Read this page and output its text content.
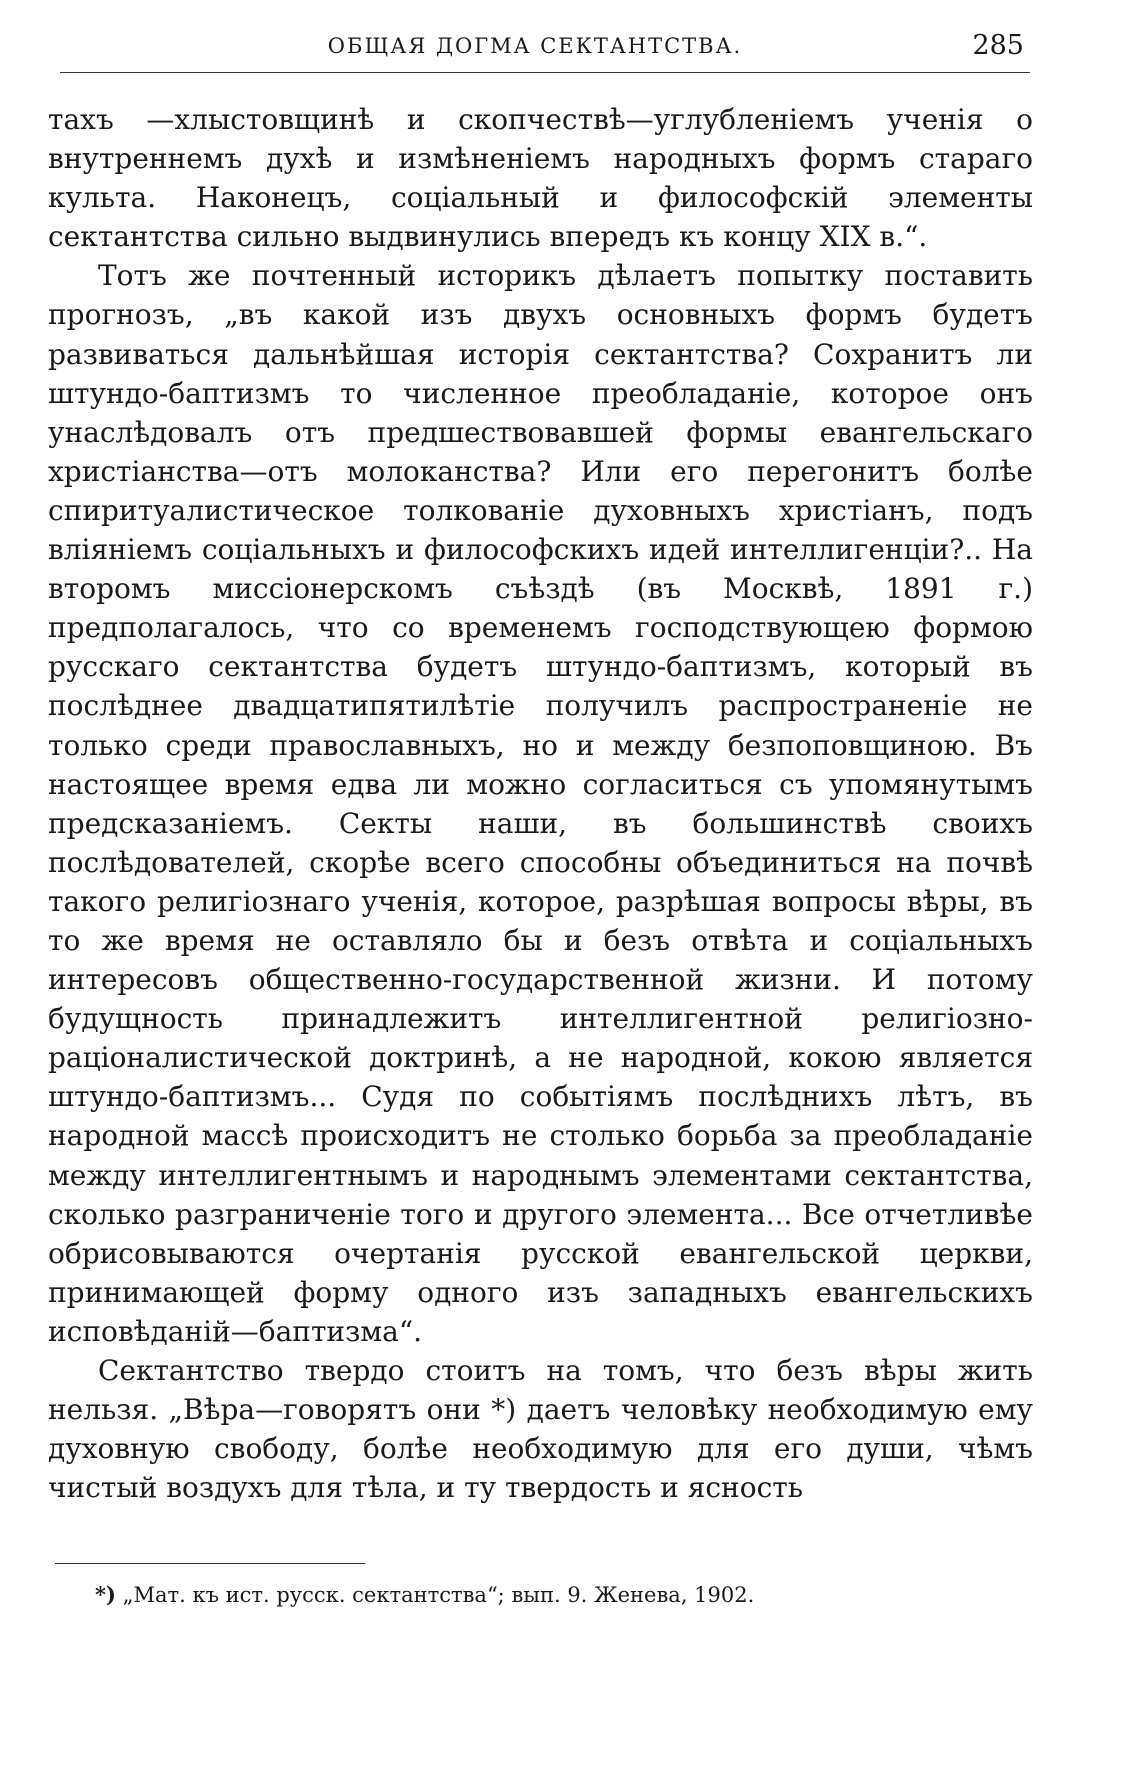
ОБЩАЯ ДОГМА СЕКТАНТСТВА.	285

тахъ —хлыстовщинѣ и скопчествѣ—углубленіемъ ученія о внутреннемъ духѣ и измѣненіемъ народныхъ формъ стараго культа. Наконецъ, соціальный и философскій элементы сектантства сильно выдвинулись впередъ къ концу XIX в.“.

Тотъ же почтенный историкъ дѣлаетъ попытку поставить прогнозъ, „въ какой изъ двухъ основныхъ формъ будетъ развиваться дальнѣйшая исторія сектантства? Сохранитъ ли штундо-баптизмъ то численное преобладаніе, которое онъ унаслѣдовалъ отъ предшествовавшей формы евангельскаго христіанства—отъ молоканства? Или его перегонитъ болѣе спиритуалистическое толкованіе духовныхъ христіанъ, подъ вліяніемъ соціальныхъ и философскихъ идей интеллигенціи?.. На второмъ миссіонерскомъ съѣздѣ (въ Москвѣ, 1891 г.) предполагалось, что со временемъ господствующею формою русскаго сектантства будетъ штундо-баптизмъ, который въ послѣднее двадцатипятилѣтіе получилъ распространеніе не только среди православныхъ, но и между безпоповщиною. Въ настоящее время едва ли можно согласиться съ упомянутымъ предсказаніемъ. Секты наши, въ большинствѣ своихъ послѣдователей, скорѣе всего способны объединиться на почвѣ такого религіознаго ученія, которое, разрѣшая вопросы вѣры, въ то же время не оставляло бы и безъ отвѣта и соціальныхъ интересовъ общественно-государственной жизни. И потому будущность принадлежитъ интеллигентной религіозно-раціоналистической доктринѣ, а не народной, кокою является штундо-баптизмъ... Судя по событіямъ послѣднихъ лѣтъ, въ народной массѣ происходитъ не столько борьба за преобладаніе между интеллигентнымъ и народнымъ элементами сектантства, сколько разграниченіе того и другого элемента... Все отчетливѣе обрисовываются очертанія русской евангельской церкви, принимающей форму одного изъ западныхъ евангельскихъ исповѣданій—баптизма“.

Сектантство твердо стоитъ на томъ, что безъ вѣры жить нельзя. „Вѣра—говорятъ они *) даетъ человѣку необходимую ему духовную свободу, болѣе необходимую для его души, чѣмъ чистый воздухъ для тѣла, и ту твердость и ясность

*) „Мат. къ ист. русск. сектантства“; вып. 9. Женева, 1902.
